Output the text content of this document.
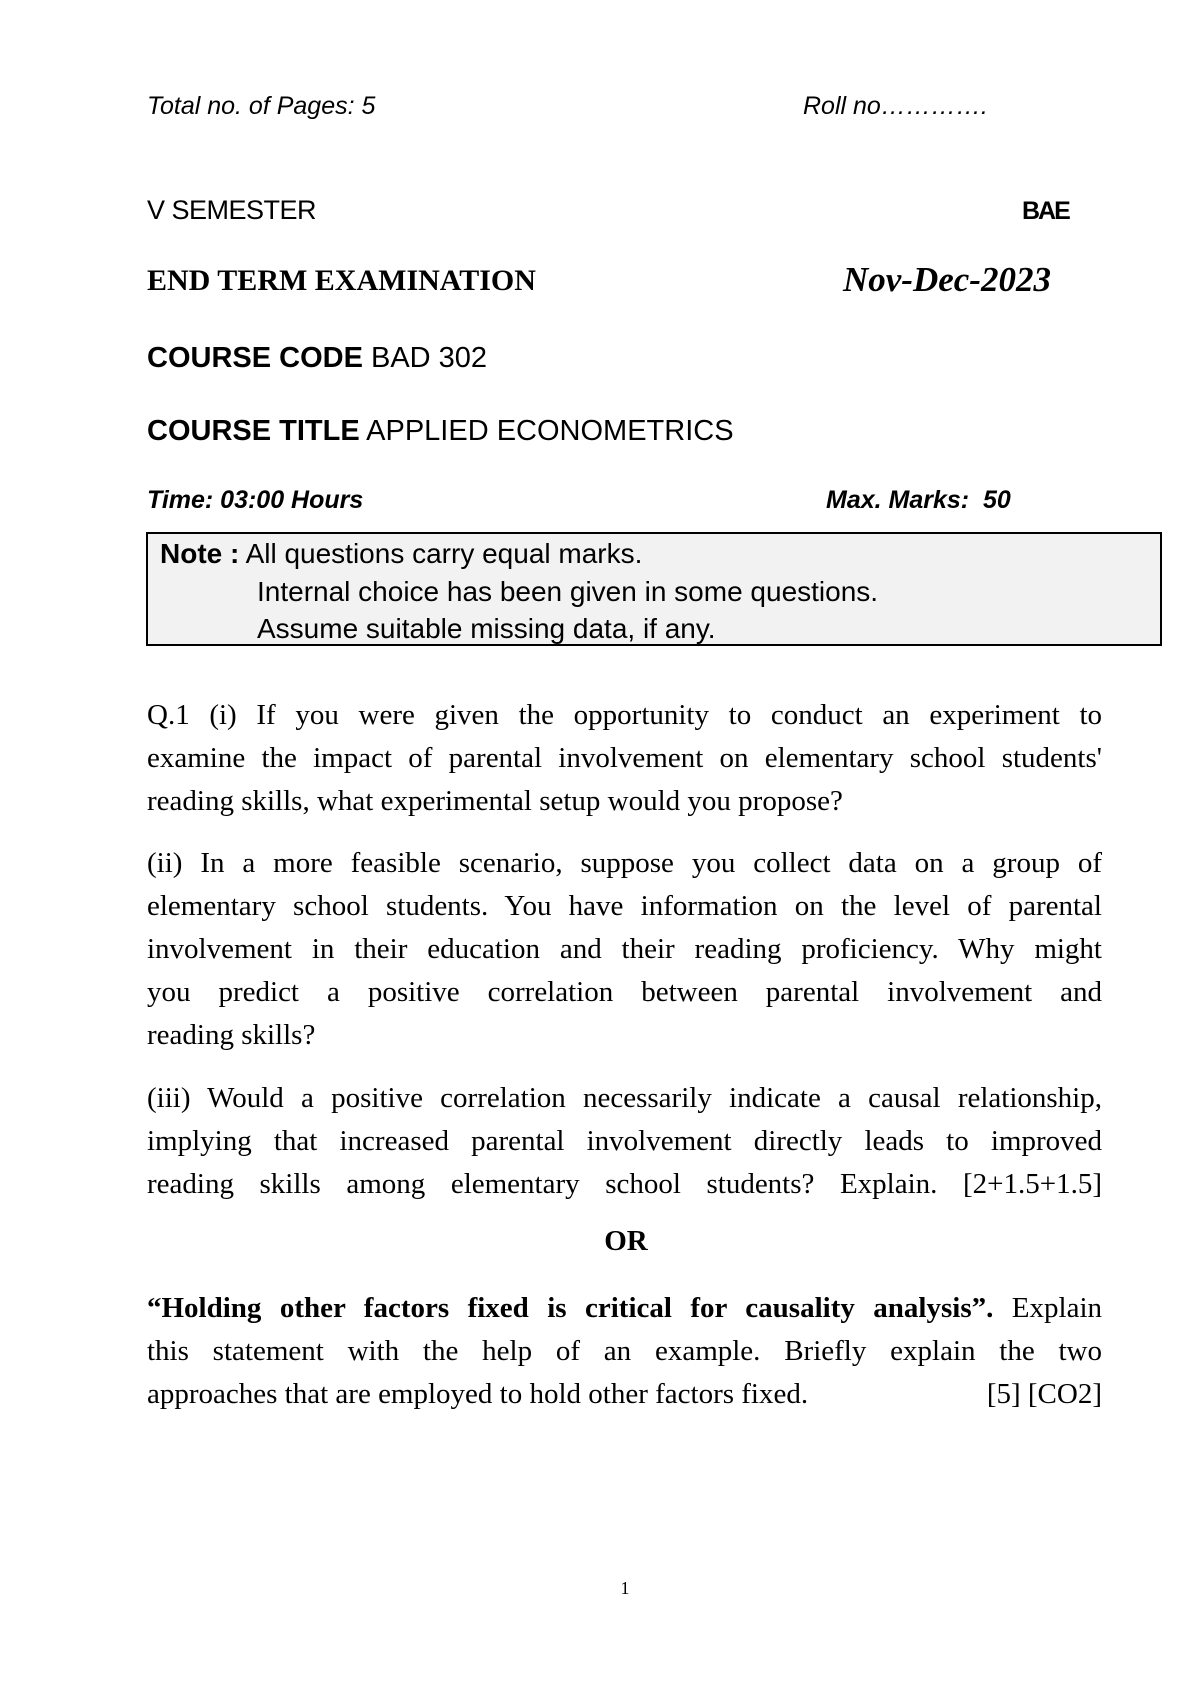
Total no. of Pages: 5	Roll no………….
V SEMESTER	BAE
END TERM EXAMINATION	Nov-Dec-2023
COURSE CODE BAD 302
COURSE TITLE APPLIED ECONOMETRICS
Time: 03:00 Hours	Max. Marks:  50
Note : All questions carry equal marks.
Internal choice has been given in some questions.
Assume suitable missing data, if any.
Q.1 (i) If you were given the opportunity to conduct an experiment to
examine the impact of parental involvement on elementary school students'
reading skills, what experimental setup would you propose?
(ii) In a more feasible scenario, suppose you collect data on a group of
elementary school students. You have information on the level of parental
involvement in their education and their reading proficiency. Why might
you predict a positive correlation between parental involvement and
reading skills?
(iii) Would a positive correlation necessarily indicate a causal relationship,
implying that increased parental involvement directly leads to improved
reading skills among elementary school students? Explain. [2+1.5+1.5]
OR
“Holding other factors fixed is critical for causality analysis”. Explain
this statement with the help of an example. Briefly explain the two
approaches that are employed to hold other factors fixed.	[5] [CO2]
1
